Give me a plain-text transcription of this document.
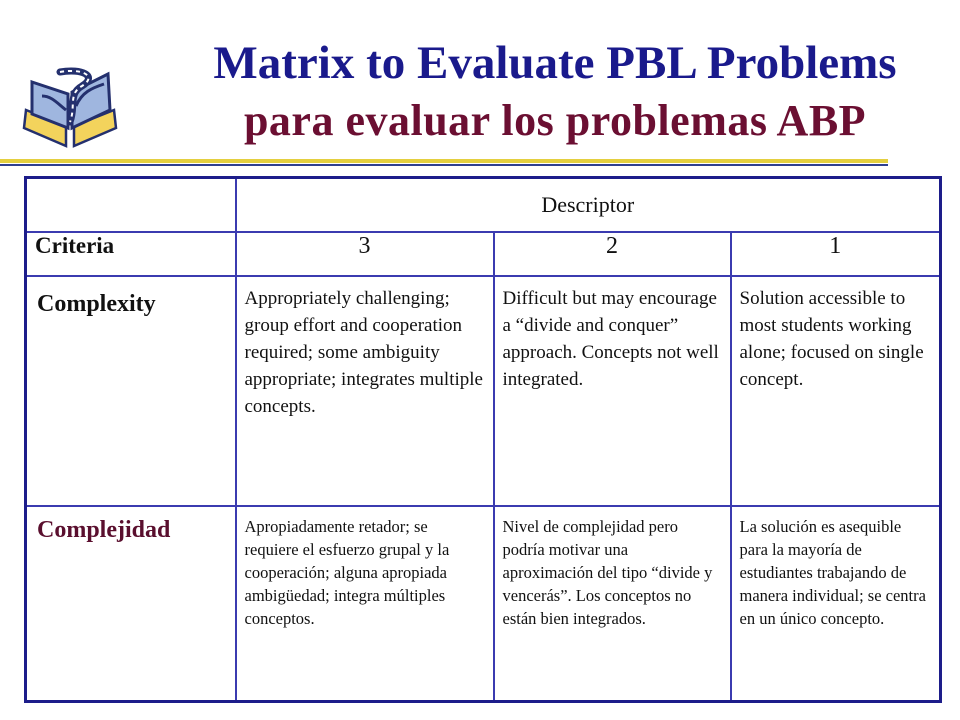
Matrix to Evaluate PBL Problems
para evaluar los problemas ABP
	Descriptor		
Criteria	3	2	1
Complexity	Appropriately challenging; group effort and cooperation required; some ambiguity appropriate; integrates multiple concepts.	Difficult but may encourage a “divide and conquer” approach. Concepts not well integrated.	Solution accessible to most students working alone; focused on single concept.
Complejidad	Apropiadamente retador; se requiere el esfuerzo grupal y la cooperación; alguna apropiada ambigüedad; integra múltiples conceptos.	Nivel de complejidad pero podría motivar una aproximación del tipo “divide y vencerás”. Los conceptos no están bien integrados.	La solución es asequible para la mayoría de estudiantes trabajando de manera individual; se centra en un único concepto.
